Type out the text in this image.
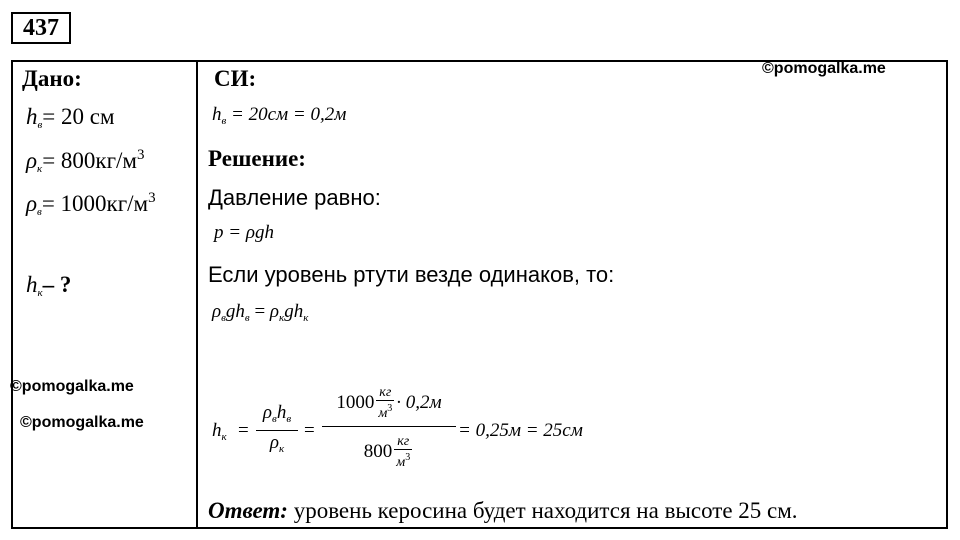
437
©pomogalka.me
©pomogalka.me
©pomogalka.me
Дано:
$h_в= 20$ см
$\rho_к= 800кг/м^3$
$\rho_в= 1000кг/м^3$
$h_к-$ ?
СИ:
$h_в = 20см = 0,2м$
Решение:
Давление равно:
p = ρgh
Если уровень ртути везде одинаков, то:
$\rho_вgh_в = \rho_кgh_к$
$h_к$ =
$\rho_вh_в$
$\rho_к$
=
1000 кг
$м^3 \cdot 0,2м$
800 кг
$м^3$
= 0,25м = 25см
Ответ: уровень керосина будет находится на высоте 25 см.
